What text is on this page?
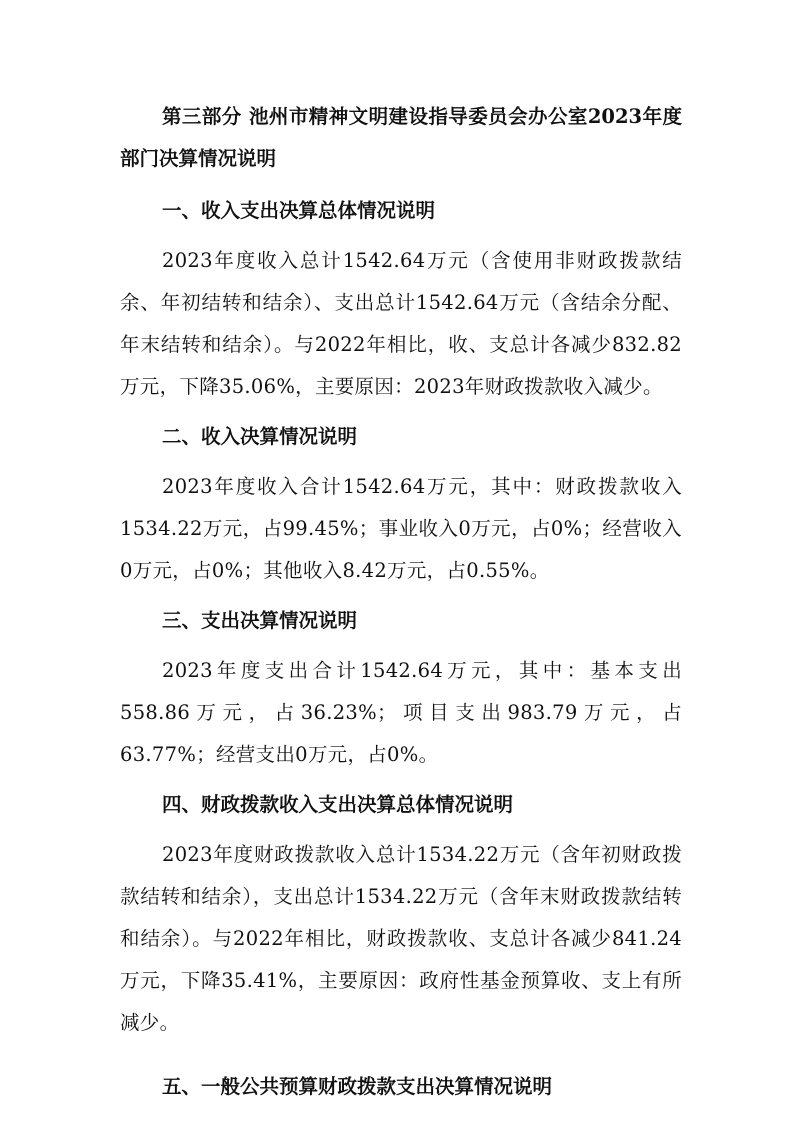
第三部分 池州市精神文明建设指导委员会办公室2023年度部门决算情况说明
一、收入支出决算总体情况说明
2023年度收入总计1542.64万元（含使用非财政拨款结余、年初结转和结余）、支出总计1542.64万元（含结余分配、年末结转和结余）。与2022年相比，收、支总计各减少832.82万元，下降35.06%，主要原因：2023年财政拨款收入减少。
二、收入决算情况说明
2023年度收入合计1542.64万元，其中：财政拨款收入1534.22万元，占99.45%；事业收入0万元，占0%；经营收入0万元，占0%；其他收入8.42万元，占0.55%。
三、支出决算情况说明
2023年度支出合计1542.64万元，其中：基本支出558.86万元，占36.23%；项目支出983.79万元，占63.77%；经营支出0万元，占0%。
四、财政拨款收入支出决算总体情况说明
2023年度财政拨款收入总计1534.22万元（含年初财政拨款结转和结余），支出总计1534.22万元（含年末财政拨款结转和结余）。与2022年相比，财政拨款收、支总计各减少841.24万元，下降35.41%，主要原因：政府性基金预算收、支上有所减少。
五、一般公共预算财政拨款支出决算情况说明
